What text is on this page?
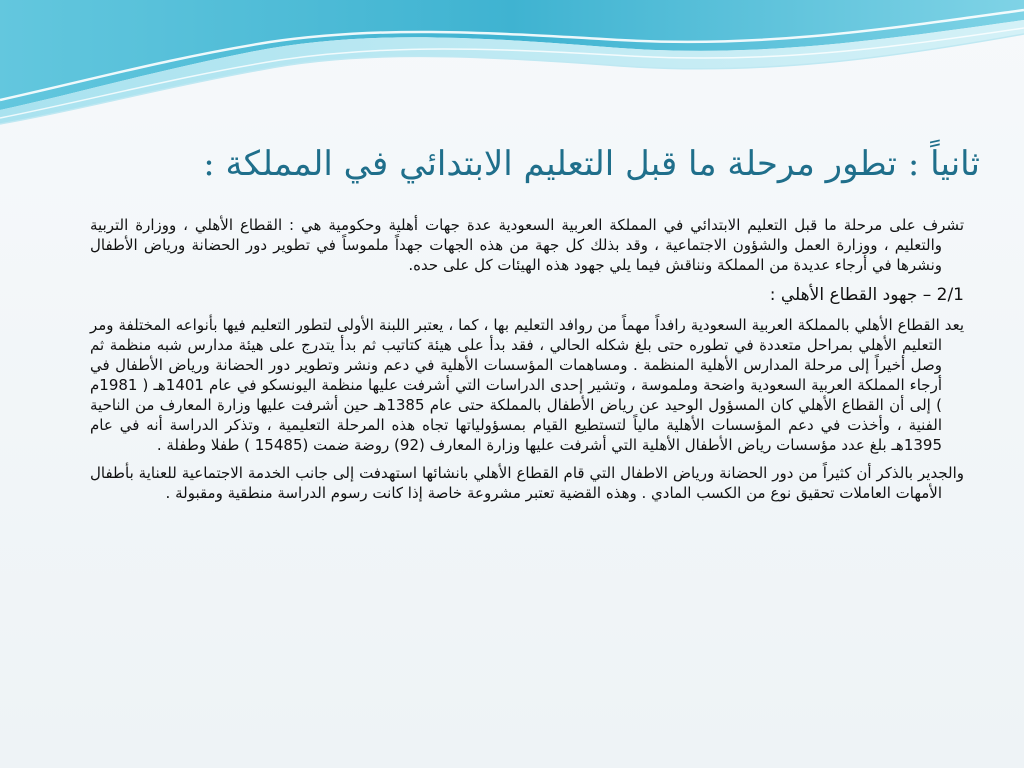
ثانياً : تطور مرحلة ما قبل التعليم الابتدائي في المملكة :

تشرف على مرحلة ما قبل التعليم الابتدائي في المملكة العربية السعودية عدة جهات أهلية وحكومية هي : القطاع الأهلي ، ووزارة التربية والتعليم ، ووزارة العمل والشؤون الاجتماعية ، وقد بذلك كل جهة من هذه الجهات جهداً ملموساً في تطوير دور الحضانة ورياض الأطفال ونشرها في أرجاء عديدة من المملكة ونناقش فيما يلي جهود هذه الهيئات كل على حده.

2/1 – جهود القطاع الأهلي :

يعد القطاع الأهلي بالمملكة العربية السعودية رافداً مهماً من روافد التعليم بها ، كما ، يعتبر اللبنة الأولى لتطور التعليم فيها بأنواعه المختلفة ومر التعليم الأهلي بمراحل متعددة في تطوره حتى بلغ شكله الحالي ، فقد بدأ على هيئة كتاتيب ثم بدأ يتدرج على هيئة مدارس شبه منظمة ثم وصل أخيراً إلى مرحلة المدارس الأهلية المنظمة . ومساهمات المؤسسات الأهلية في دعم ونشر وتطوير دور الحضانة ورياض الأطفال في أرجاء المملكة العربية السعودية واضحة وملموسة ، وتشير إحدى الدراسات التي أشرفت عليها منظمة اليونسكو في عام 1401هـ ( 1981م ) إلى أن القطاع الأهلي كان المسؤول الوحيد عن رياض الأطفال بالمملكة حتى عام 1385هـ حين أشرفت عليها وزارة المعارف من الناحية الفنية ، وأخذت في دعم المؤسسات الأهلية مالياً لتستطيع القيام بمسؤولياتها تجاه هذه المرحلة التعليمية ، وتذكر الدراسة أنه في عام 1395هـ بلغ عدد مؤسسات رياض الأطفال الأهلية التي أشرفت عليها وزارة المعارف (92) روضة ضمت (15485 ) طفلا وطفلة .

والجدير بالذكر أن كثيراً من دور الحضانة ورياض الاطفال التي قام القطاع الأهلي بانشائها استهدفت إلى جانب الخدمة الاجتماعية للعناية بأطفال الأمهات العاملات تحقيق نوع من الكسب المادي . وهذه القضية تعتبر مشروعة خاصة إذا كانت رسوم الدراسة منطقية ومقبولة .
